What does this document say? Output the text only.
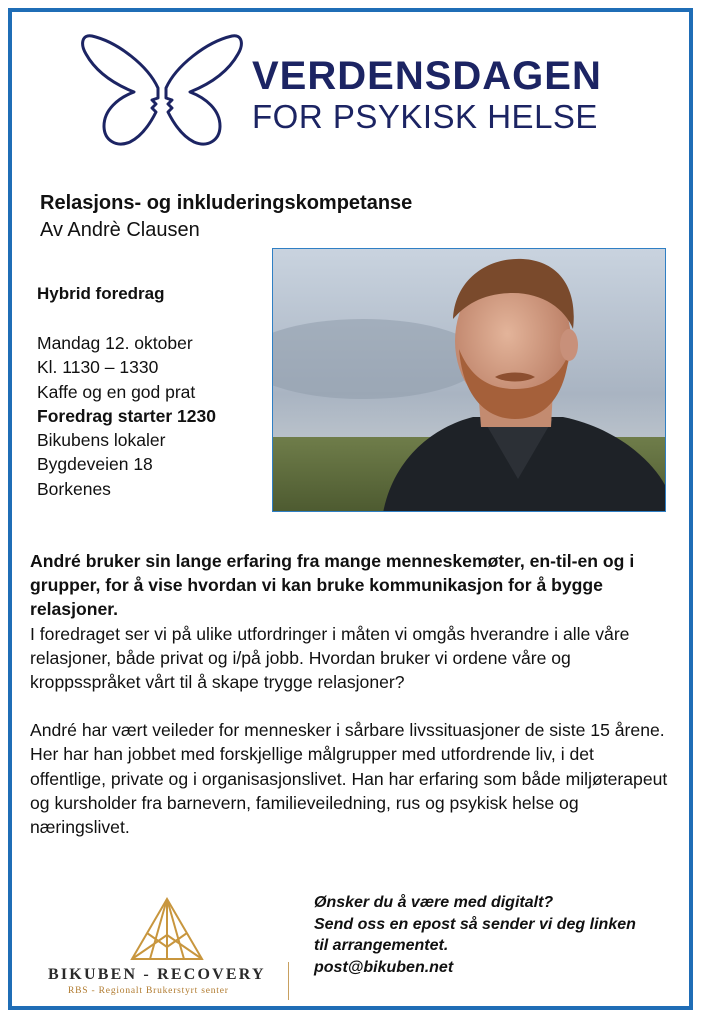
VERDENSDAGEN
FOR PSYKISK HELSE
Relasjons- og inkluderingskompetanse
Av Andrè Clausen
Hybrid foredrag
Mandag 12. oktober
Kl. 1130 – 1330
Kaffe og en god prat
Foredrag starter 1230
Bikubens lokaler
Bygdeveien 18
Borkenes

André bruker sin lange erfaring fra mange menneskemøter, en-til-en og i grupper, for å vise hvordan vi kan bruke kommunikasjon for å bygge relasjoner.

I foredraget ser vi på ulike utfordringer i måten vi omgås hverandre i alle våre relasjoner, både privat og i/på jobb. Hvordan bruker vi ordene våre og kroppsspråket vårt til å skape trygge relasjoner?

André har vært veileder for mennesker i sårbare livssituasjoner de siste 15 årene. Her har han jobbet med forskjellige målgrupper med utfordrende liv, i det offentlige, private og i organisasjonslivet. Han har erfaring som både miljøterapeut og kursholder fra barnevern, familieveiledning, rus og psykisk helse og næringslivet.

BIKUBEN - RECOVERY
RBS - Regionalt Brukerstyrt senter
Ønsker du å være med digitalt?
Send oss en epost så sender vi deg linken
til arrangementet.
post@bikuben.net
